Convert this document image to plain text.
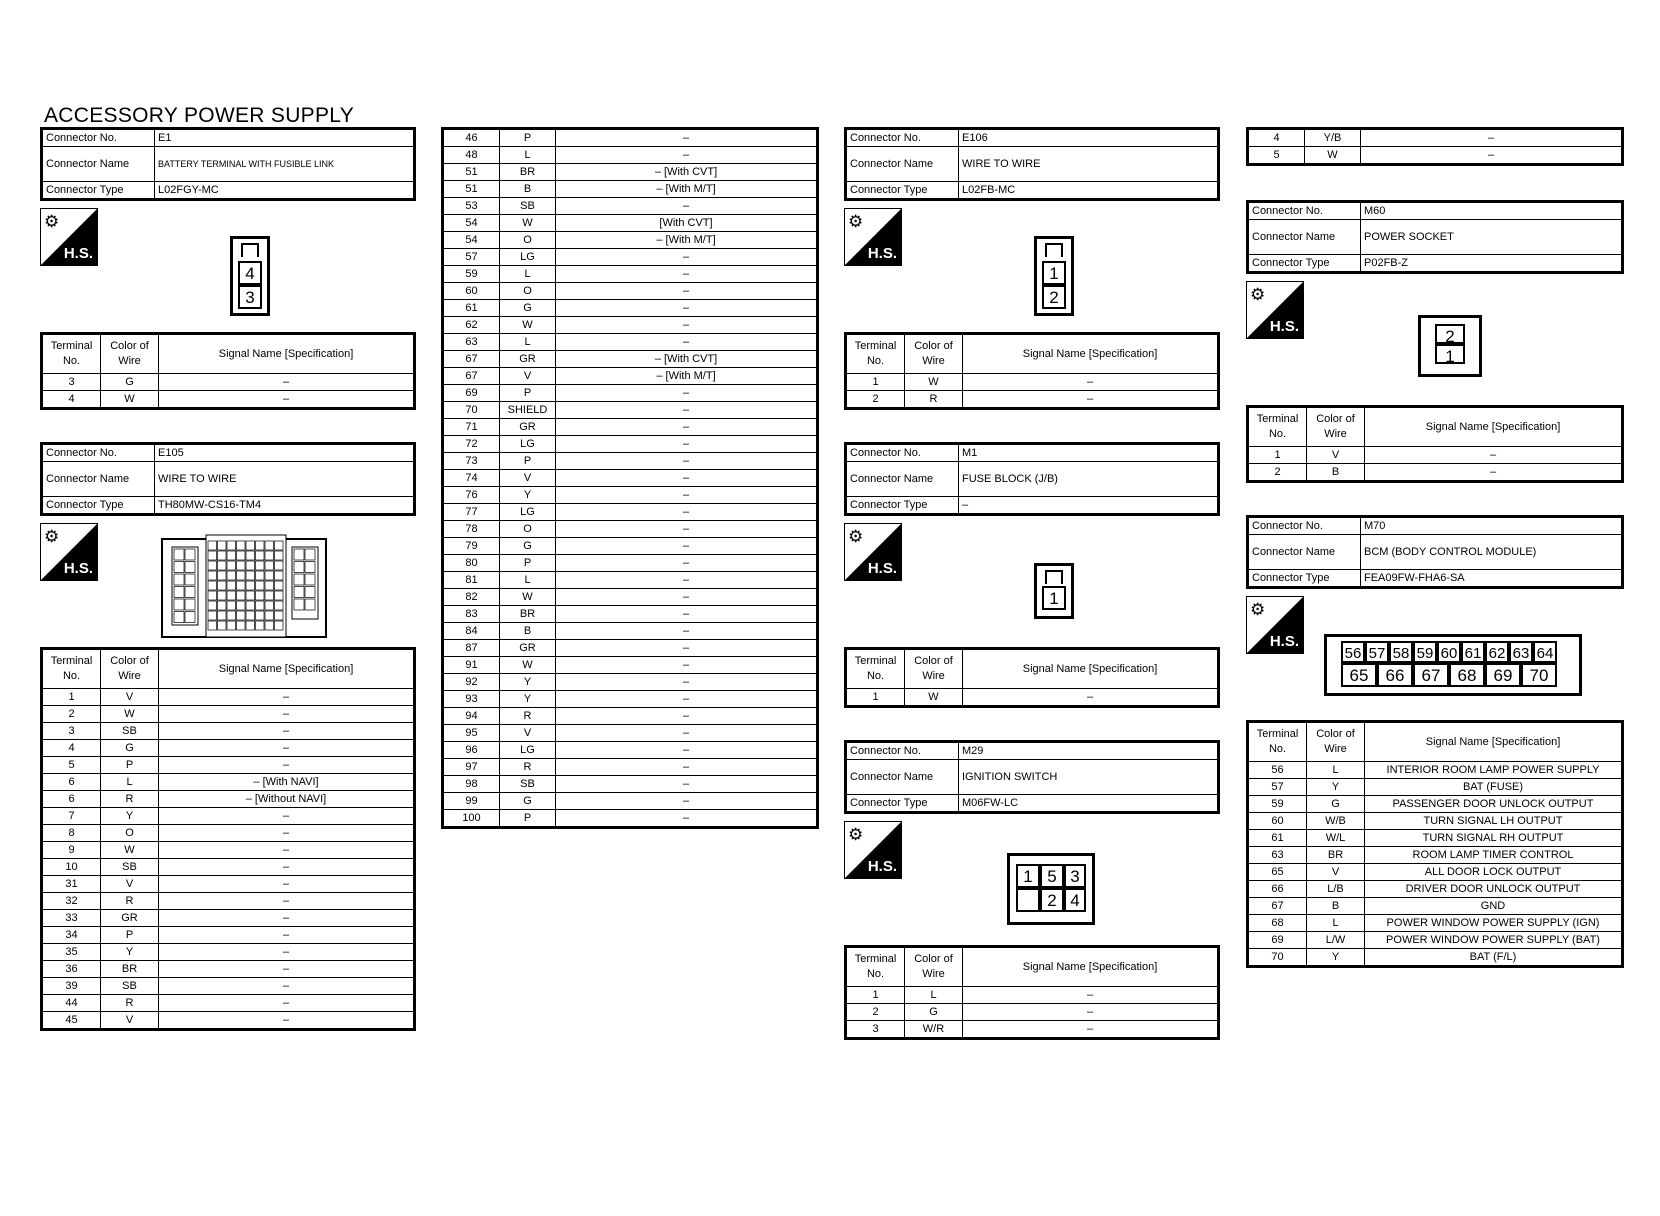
ACCESSORY POWER SUPPLY
Connector No.	E1
Connector Name	BATTERY TERMINAL WITH FUSIBLE LINK
Connector Type	L02FGY-MC
⚙
H.S.
4
3
Terminal No.	Color of Wire	Signal Name [Specification]
3	G	–
4	W	–
Connector No.	E105
Connector Name	WIRE TO WIRE
Connector Type	TH80MW-CS16-TM4
⚙
H.S.
Terminal No.	Color of Wire	Signal Name [Specification]
1	V	–
2	W	–
3	SB	–
4	G	–
5	P	–
6	L	– [With NAVI]
6	R	– [Without NAVI]
7	Y	–
8	O	–
9	W	–
10	SB	–
31	V	–
32	R	–
33	GR	–
34	P	–
35	Y	–
36	BR	–
39	SB	–
44	R	–
45	V	–
46	P	–
48	L	–
51	BR	– [With CVT]
51	B	– [With M/T]
53	SB	–
54	W	[With CVT]
54	O	– [With M/T]
57	LG	–
59	L	–
60	O	–
61	G	–
62	W	–
63	L	–
67	GR	– [With CVT]
67	V	– [With M/T]
69	P	–
70	SHIELD	–
71	GR	–
72	LG	–
73	P	–
74	V	–
76	Y	–
77	LG	–
78	O	–
79	G	–
80	P	–
81	L	–
82	W	–
83	BR	–
84	B	–
87	GR	–
91	W	–
92	Y	–
93	Y	–
94	R	–
95	V	–
96	LG	–
97	R	–
98	SB	–
99	G	–
100	P	–
Connector No.	E106
Connector Name	WIRE TO WIRE
Connector Type	L02FB-MC
⚙
H.S.
1
2
Terminal No.	Color of Wire	Signal Name [Specification]
1	W	–
2	R	–
Connector No.	M1
Connector Name	FUSE BLOCK (J/B)
Connector Type	–
⚙
H.S.
1
Terminal No.	Color of Wire	Signal Name [Specification]
1	W	–
Connector No.	M29
Connector Name	IGNITION SWITCH
Connector Type	M06FW-LC
⚙
H.S.
1 5 3
2 4
Terminal No.	Color of Wire	Signal Name [Specification]
1	L	–
2	G	–
3	W/R	–
4	Y/B	–
5	W	–
Connector No.	M60
Connector Name	POWER SOCKET
Connector Type	P02FB-Z
⚙
H.S.
2
1
Terminal No.	Color of Wire	Signal Name [Specification]
1	V	–
2	B	–
Connector No.	M70
Connector Name	BCM (BODY CONTROL MODULE)
Connector Type	FEA09FW-FHA6-SA
⚙
H.S.
56 57 58 59 60 61 62 63 64
65	66	67	68	69	70
Terminal No.	Color of Wire	Signal Name [Specification]
56	L	INTERIOR ROOM LAMP POWER SUPPLY
57	Y	BAT (FUSE)
59	G	PASSENGER DOOR UNLOCK OUTPUT
60	W/B	TURN SIGNAL LH OUTPUT
61	W/L	TURN SIGNAL RH OUTPUT
63	BR	ROOM LAMP TIMER CONTROL
65	V	ALL DOOR LOCK OUTPUT
66	L/B	DRIVER DOOR UNLOCK OUTPUT
67	B	GND
68	L	POWER WINDOW POWER SUPPLY (IGN)
69	L/W	POWER WINDOW POWER SUPPLY (BAT)
70	Y	BAT (F/L)
